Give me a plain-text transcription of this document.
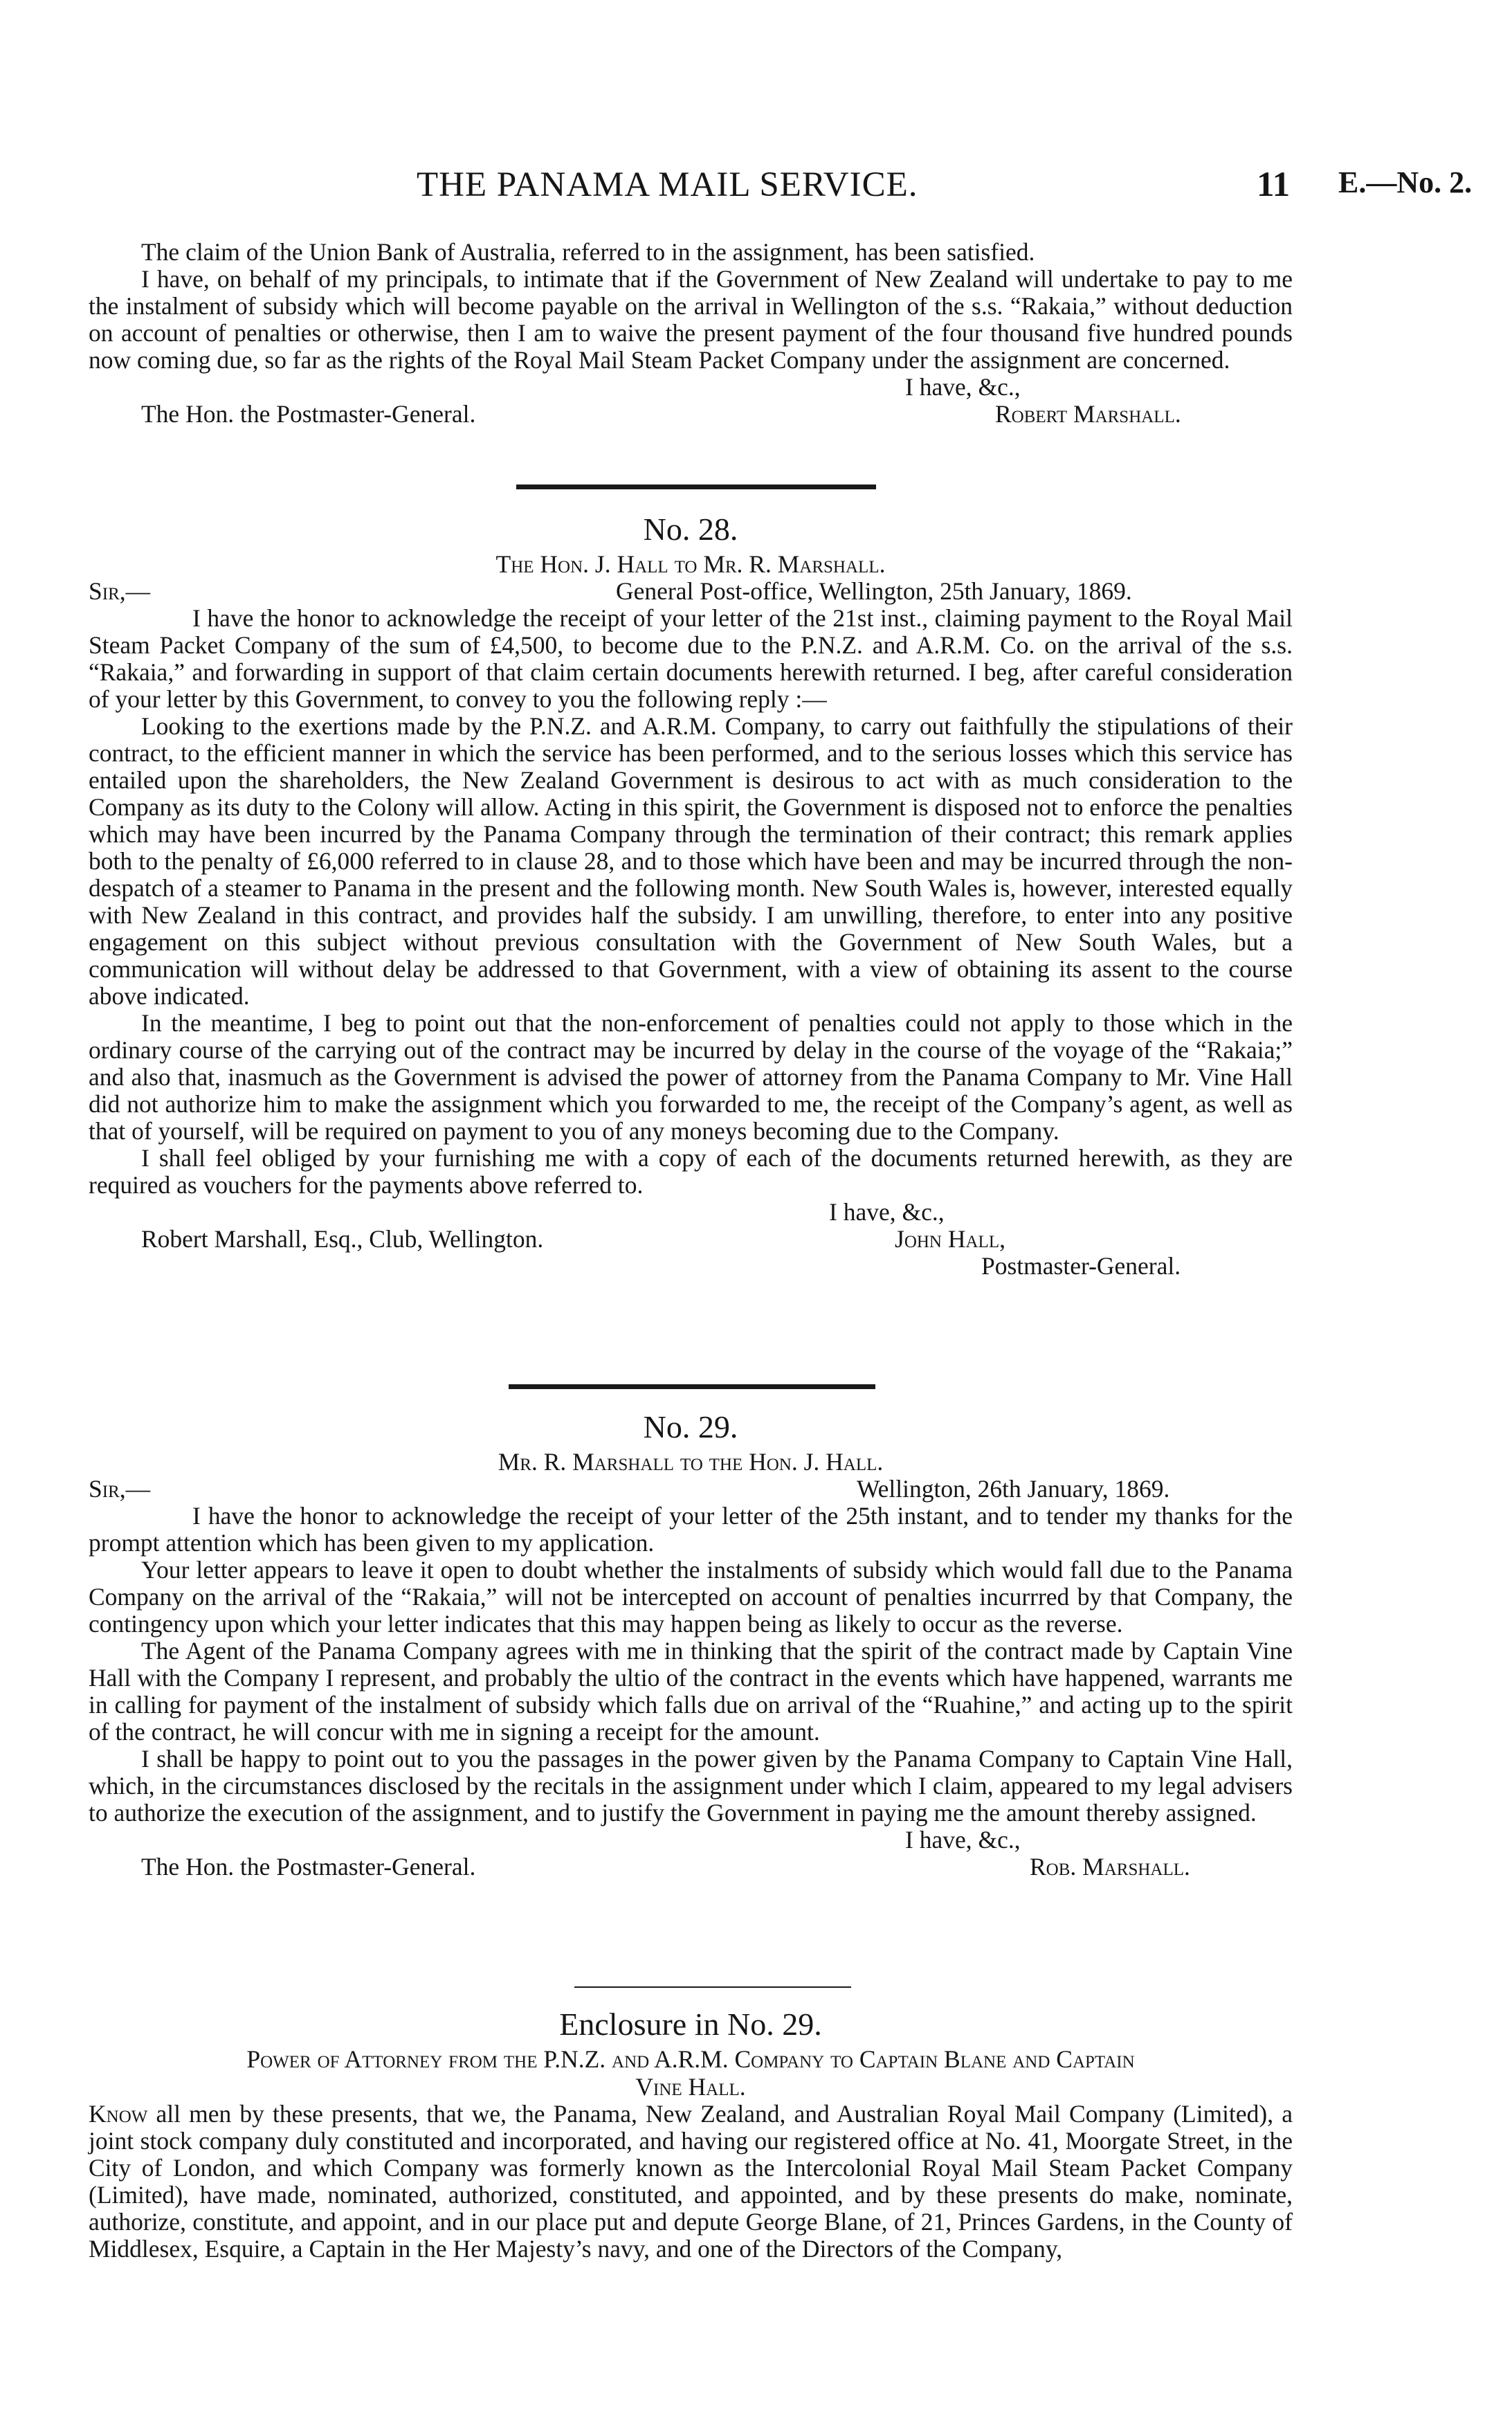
THE PANAMA MAIL SERVICE.	11 E.—No. 2.

The claim of the Union Bank of Australia, referred to in the assignment, has been satisfied.

I have, on behalf of my principals, to intimate that if the Government of New Zealand will undertake to pay to me the instalment of subsidy which will become payable on the arrival in Wellington of the s.s. “Rakaia,” without deduction on account of penalties or otherwise, then I am to waive the present payment of the four thousand five hundred pounds now coming due, so far as the rights of the Royal Mail Steam Packet Company under the assignment are concerned.

I have, &c.,
The Hon. the Postmaster-General.	Robert Marshall.
No. 28.
The Hon. J. Hall to Mr. R. Marshall.
Sir,—	General Post-office, Wellington, 25th January, 1869.

I have the honor to acknowledge the receipt of your letter of the 21st inst., claiming payment to the Royal Mail Steam Packet Company of the sum of £4,500, to become due to the P.N.Z. and A.R.M. Co. on the arrival of the s.s. “Rakaia,” and forwarding in support of that claim certain documents herewith returned. I beg, after careful consideration of your letter by this Government, to convey to you the following reply :—

Looking to the exertions made by the P.N.Z. and A.R.M. Company, to carry out faithfully the stipulations of their contract, to the efficient manner in which the service has been performed, and to the serious losses which this service has entailed upon the shareholders, the New Zealand Government is desirous to act with as much consideration to the Company as its duty to the Colony will allow. Acting in this spirit, the Government is disposed not to enforce the penalties which may have been incurred by the Panama Company through the termination of their contract; this remark applies both to the penalty of £6,000 referred to in clause 28, and to those which have been and may be incurred through the non-despatch of a steamer to Panama in the present and the following month. New South Wales is, however, interested equally with New Zealand in this contract, and provides half the subsidy. I am unwilling, therefore, to enter into any positive engagement on this subject without previous consultation with the Government of New South Wales, but a communication will without delay be addressed to that Government, with a view of obtaining its assent to the course above indicated.

In the meantime, I beg to point out that the non-enforcement of penalties could not apply to those which in the ordinary course of the carrying out of the contract may be incurred by delay in the course of the voyage of the “Rakaia;” and also that, inasmuch as the Government is advised the power of attorney from the Panama Company to Mr. Vine Hall did not authorize him to make the assignment which you forwarded to me, the receipt of the Company’s agent, as well as that of yourself, will be required on payment to you of any moneys becoming due to the Company.

I shall feel obliged by your furnishing me with a copy of each of the documents returned herewith, as they are required as vouchers for the payments above referred to.

I have, &c.,
Robert Marshall, Esq., Club, Wellington.	John Hall,
Postmaster-General.
No. 29.
Mr. R. Marshall to the Hon. J. Hall.
Sir,—	Wellington, 26th January, 1869.

I have the honor to acknowledge the receipt of your letter of the 25th instant, and to tender my thanks for the prompt attention which has been given to my application.

Your letter appears to leave it open to doubt whether the instalments of subsidy which would fall due to the Panama Company on the arrival of the “Rakaia,” will not be intercepted on account of penalties incurrred by that Company, the contingency upon which your letter indicates that this may happen being as likely to occur as the reverse.

The Agent of the Panama Company agrees with me in thinking that the spirit of the contract made by Captain Vine Hall with the Company I represent, and probably the ultio of the contract in the events which have happened, warrants me in calling for payment of the instalment of subsidy which falls due on arrival of the “Ruahine,” and acting up to the spirit of the contract, he will concur with me in signing a receipt for the amount.

I shall be happy to point out to you the passages in the power given by the Panama Company to Captain Vine Hall, which, in the circumstances disclosed by the recitals in the assignment under which I claim, appeared to my legal advisers to authorize the execution of the assignment, and to justify the Government in paying me the amount thereby assigned.

I have, &c.,
The Hon. the Postmaster-General.	Rob. Marshall.
Enclosure in No. 29.
Power of Attorney from the P.N.Z. and A.R.M. Company to Captain Blane and Captain
Vine Hall.

Know all men by these presents, that we, the Panama, New Zealand, and Australian Royal Mail Company (Limited), a joint stock company duly constituted and incorporated, and having our registered office at No. 41, Moorgate Street, in the City of London, and which Company was formerly known as the Intercolonial Royal Mail Steam Packet Company (Limited), have made, nominated, authorized, constituted, and appointed, and by these presents do make, nominate, authorize, constitute, and appoint, and in our place put and depute George Blane, of 21, Princes Gardens, in the County of Middlesex, Esquire, a Captain in the Her Majesty’s navy, and one of the Directors of the Company,
